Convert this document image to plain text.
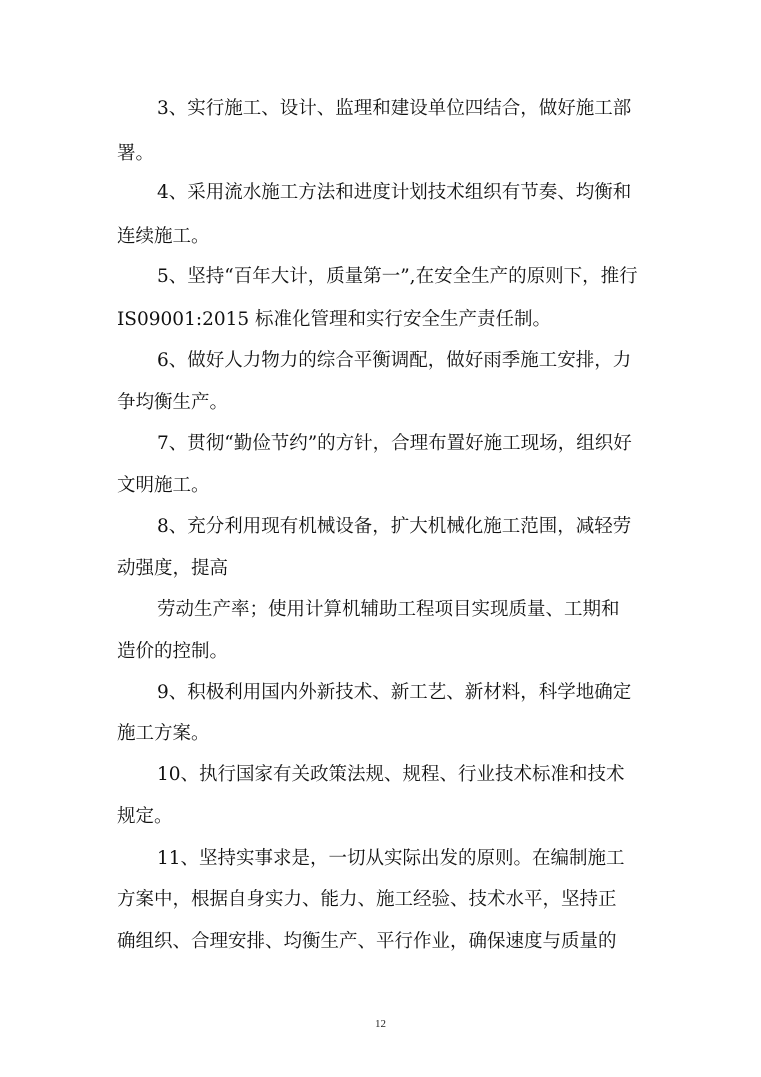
3、实行施工、设计、监理和建设单位四结合，做好施工部
署。
4、采用流水施工方法和进度计划技术组织有节奏、均衡和
连续施工。
5、坚持“百年大计，质量第一”,在安全生产的原则下，推行
IS09001:2015 标准化管理和实行安全生产责任制。
6、做好人力物力的综合平衡调配，做好雨季施工安排，力
争均衡生产。
7、贯彻“勤俭节约”的方针，合理布置好施工现场，组织好
文明施工。
8、充分利用现有机械设备，扩大机械化施工范围，减轻劳
动强度，提高
劳动生产率；使用计算机辅助工程项目实现质量、工期和
造价的控制。
9、积极利用国内外新技术、新工艺、新材料，科学地确定
施工方案。
10、执行国家有关政策法规、规程、行业技术标准和技术
规定。
11、坚持实事求是，一切从实际出发的原则。在编制施工
方案中，根据自身实力、能力、施工经验、技术水平，坚持正
确组织、合理安排、均衡生产、平行作业，确保速度与质量的
12
